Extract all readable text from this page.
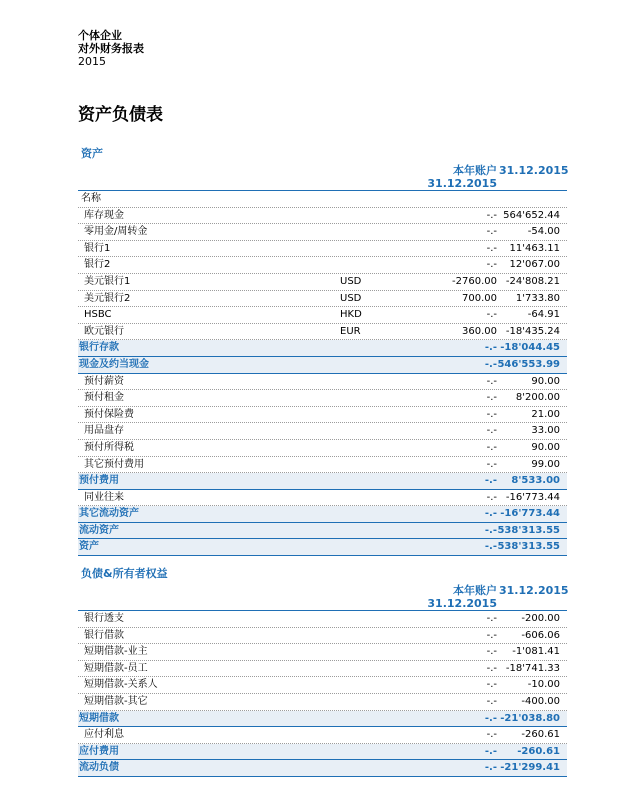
个体企业
对外财务报表
2015
资产负债表
资产
本年账户
31.12.2015
31.12.2015
名称
库存现金	-.- 564'652.44
零用金/周转金	-.-	-54.00
银行1	-.- 11'463.11
银行2	-.- 12'067.00
美元银行1	USD	-2760.00 -24'808.21
美元银行2	USD	700.00 1'733.80
HSBC	HKD	-.-	-64.91
欧元银行	EUR	360.00 -18'435.24
银行存款	-.- -18'044.45
现金及约当现金	-.- 546'553.99
预付薪资	-.-	90.00
预付租金	-.- 8'200.00
预付保险费	-.-	21.00
用品盘存	-.-	33.00
预付所得税	-.-	90.00
其它预付费用	-.-	99.00
预付费用	-.- 8'533.00
同业往来	-.- -16'773.44
其它流动资产	-.- -16'773.44
流动资产	-.- 538'313.55
资产	-.- 538'313.55
负债&所有者权益
本年账户
31.12.2015
31.12.2015
银行透支	-.- -200.00
银行借款	-.- -606.06
短期借款-业主	-.- -1'081.41
短期借款-员工	-.- -18'741.33
短期借款-关系人	-.-	-10.00
短期借款-其它	-.- -400.00
短期借款	-.- -21'038.80
应付利息	-.- -260.61
应付费用	-.- -260.61
流动负债	-.- -21'299.41
